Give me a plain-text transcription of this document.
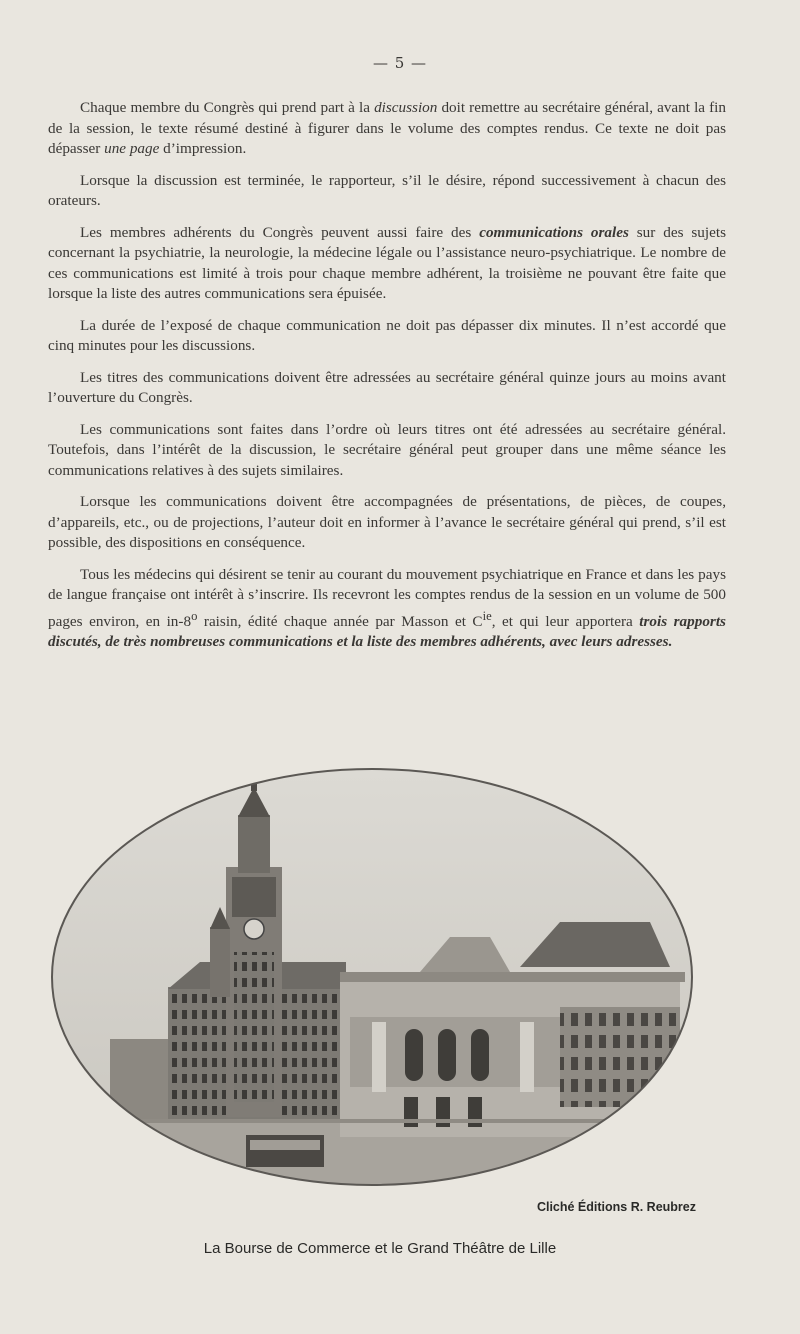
— 5 —

Chaque membre du Congrès qui prend part à la discussion doit remettre au secrétaire général, avant la fin de la session, le texte résumé destiné à figurer dans le volume des comptes rendus. Ce texte ne doit pas dépasser une page d’impression.

Lorsque la discussion est terminée, le rapporteur, s’il le désire, répond successivement à chacun des orateurs.

Les membres adhérents du Congrès peuvent aussi faire des communications orales sur des sujets concernant la psychiatrie, la neurologie, la médecine légale ou l’assistance neuro-psychiatrique. Le nombre de ces communications est limité à trois pour chaque membre adhérent, la troisième ne pouvant être faite que lorsque la liste des autres communications sera épuisée.

La durée de l’exposé de chaque communication ne doit pas dépasser dix minutes. Il n’est accordé que cinq minutes pour les discussions.

Les titres des communications doivent être adressées au secrétaire général quinze jours au moins avant l’ouverture du Congrès.

Les communications sont faites dans l’ordre où leurs titres ont été adressées au secrétaire général. Toutefois, dans l’intérêt de la discussion, le secrétaire général peut grouper dans une même séance les communications relatives à des sujets similaires.

Lorsque les communications doivent être accompagnées de présentations, de pièces, de coupes, d’appareils, etc., ou de projections, l’auteur doit en informer à l’avance le secrétaire général qui prend, s’il est possible, des dispositions en conséquence.

Tous les médecins qui désirent se tenir au courant du mouvement psychiatrique en France et dans les pays de langue française ont intérêt à s’inscrire. Ils recevront les comptes rendus de la session en un volume de 500 pages environ, en in-8$^o$ raisin, édité chaque année par Masson et $C^{ie}$, et qui leur apportera trois rapports discutés, de très nombreuses communications et la liste des membres adhérents, avec leurs adresses.

Cliché Éditions R. Reubrez
La Bourse de Commerce et le Grand Théâtre de Lille
